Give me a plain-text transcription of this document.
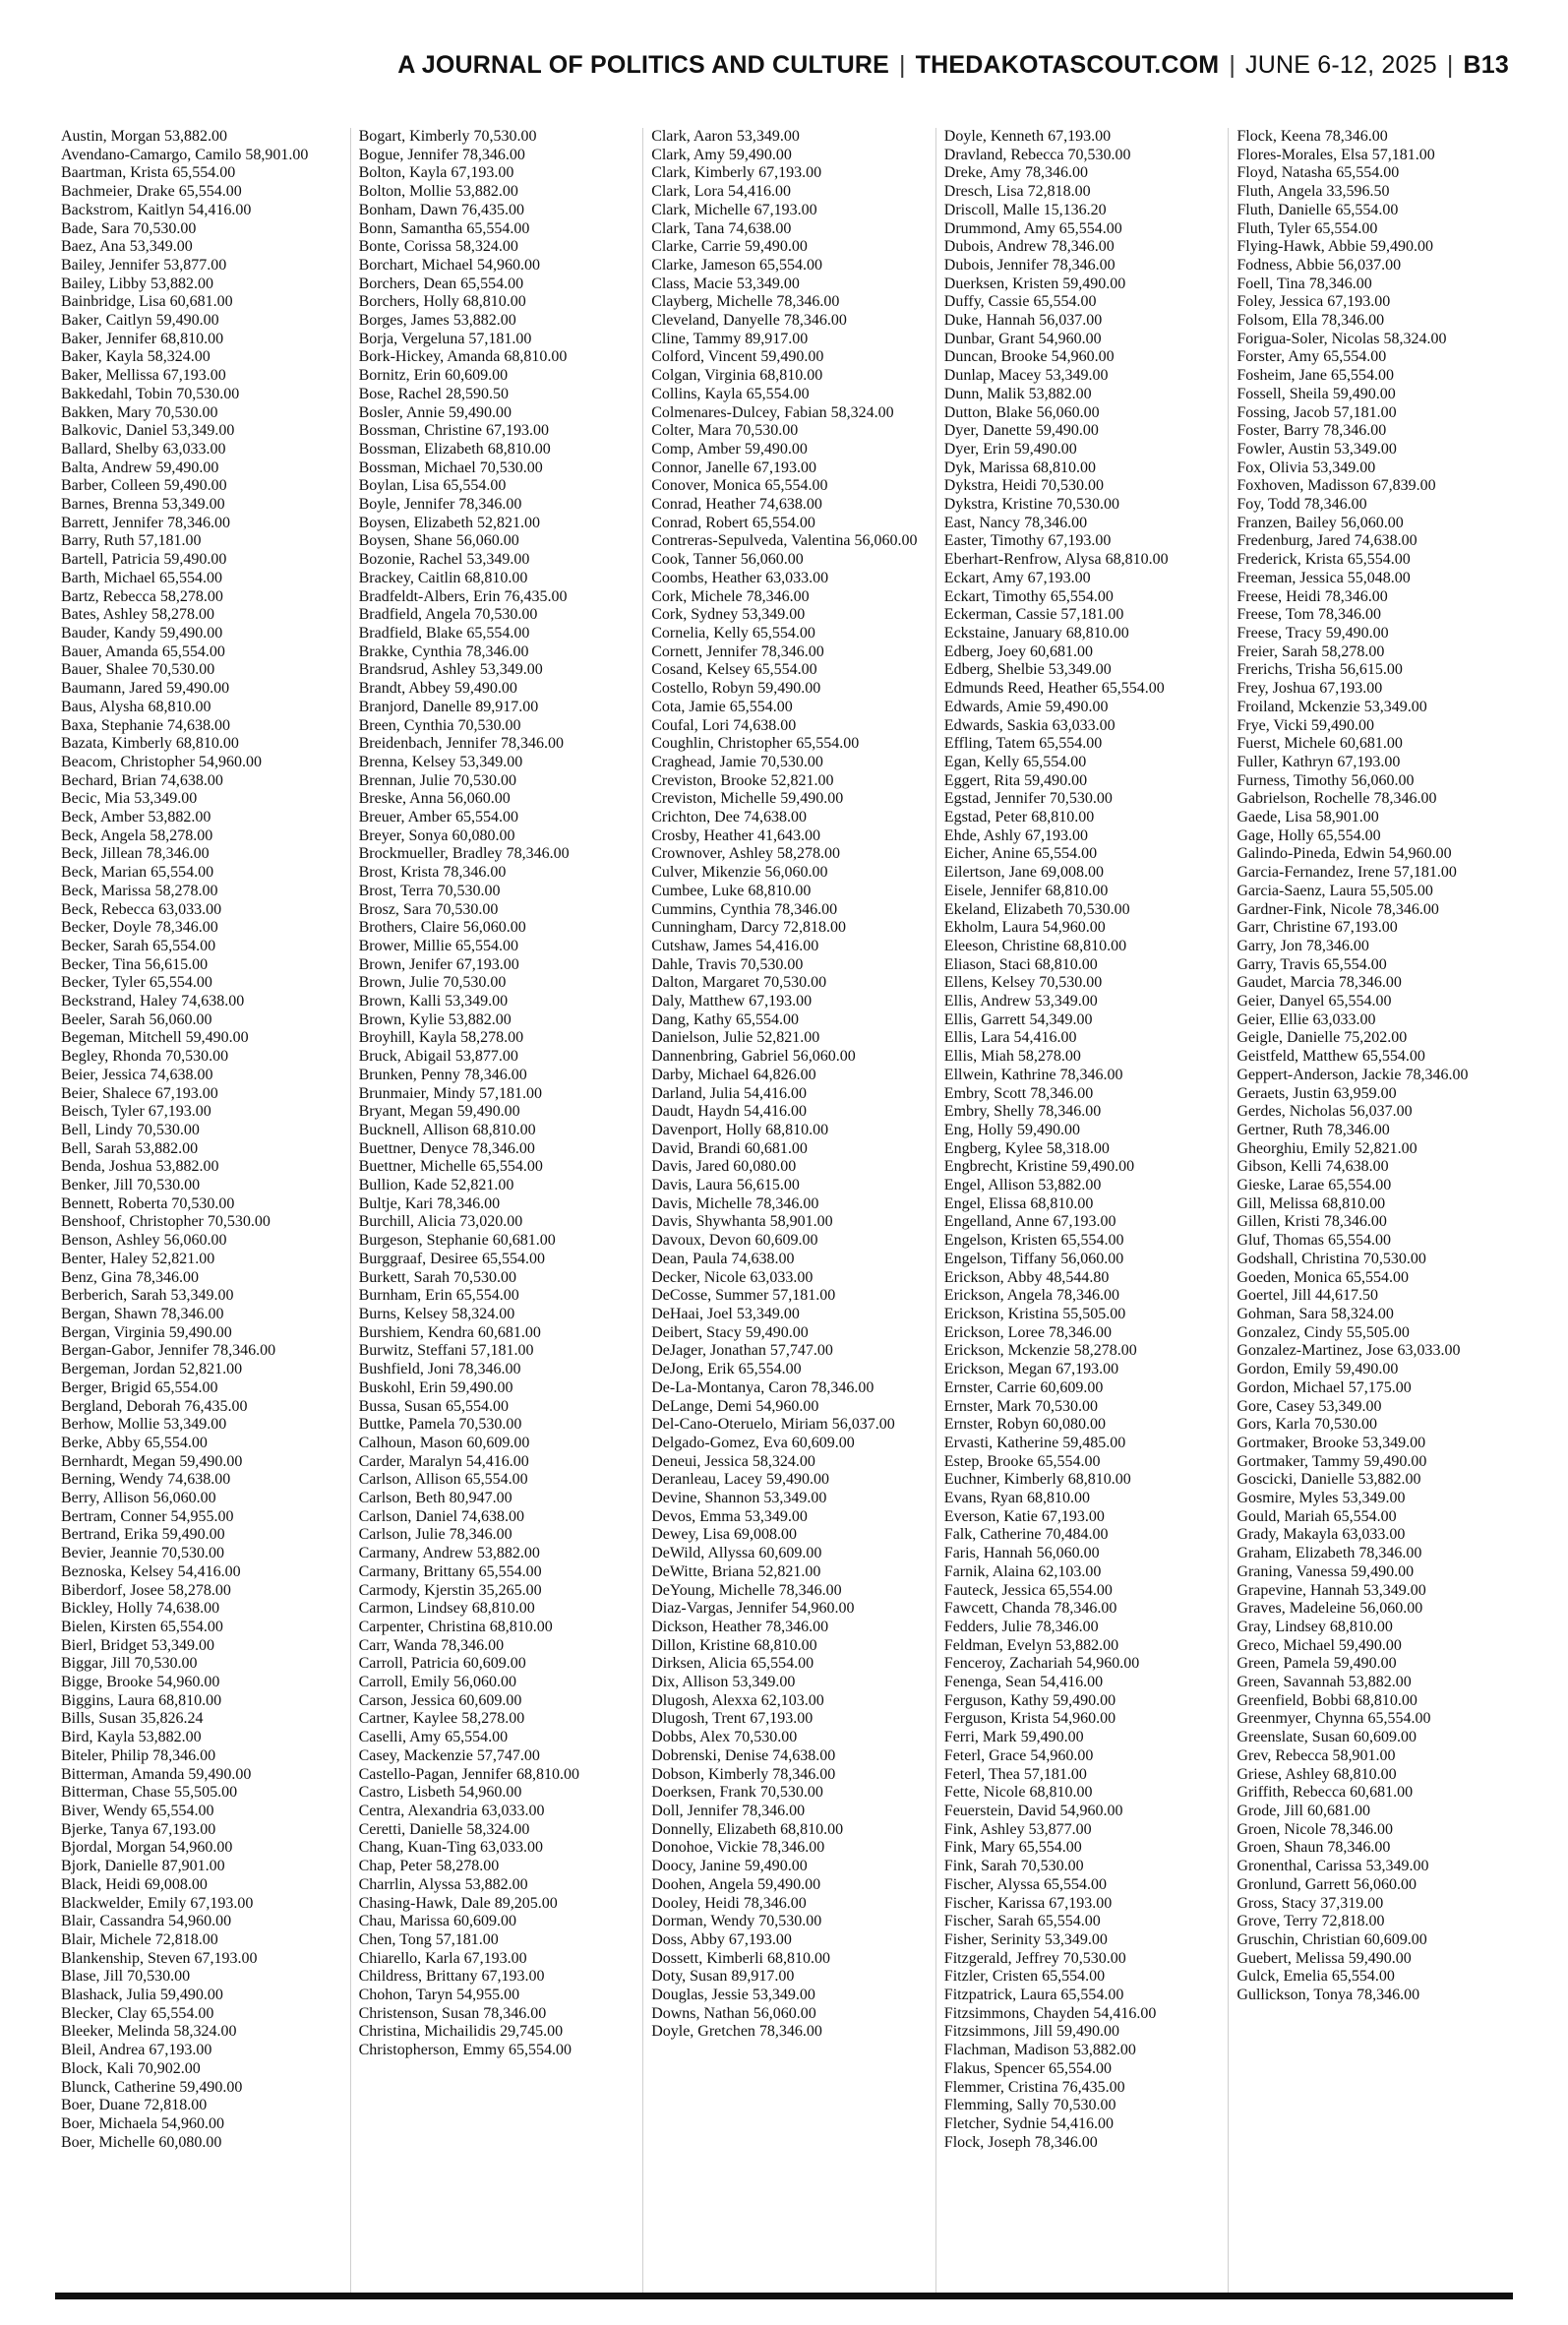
A JOURNAL OF POLITICS AND CULTURE | THEDAKOTASCOUT.COM | JUNE 6-12, 2025 | B13
Austin, Morgan 53,882.00
Avendano-Camargo, Camilo 58,901.00
Baartman, Krista 65,554.00
Bachmeier, Drake 65,554.00
Backstrom, Kaitlyn 54,416.00
Bade, Sara 70,530.00
Baez, Ana 53,349.00
Bailey, Jennifer 53,877.00
Bailey, Libby 53,882.00
Bainbridge, Lisa 60,681.00
Baker, Caitlyn 59,490.00
Baker, Jennifer 68,810.00
Baker, Kayla 58,324.00
Baker, Mellissa 67,193.00
Bakkedahl, Tobin 70,530.00
Bakken, Mary 70,530.00
Balkovic, Daniel 53,349.00
Ballard, Shelby 63,033.00
Balta, Andrew 59,490.00
Barber, Colleen 59,490.00
Barnes, Brenna 53,349.00
Barrett, Jennifer 78,346.00
Barry, Ruth 57,181.00
Bartell, Patricia 59,490.00
Barth, Michael 65,554.00
Bartz, Rebecca 58,278.00
Bates, Ashley 58,278.00
Bauder, Kandy 59,490.00
Bauer, Amanda 65,554.00
Bauer, Shalee 70,530.00
Baumann, Jared 59,490.00
Baus, Alysha 68,810.00
Baxa, Stephanie 74,638.00
Bazata, Kimberly 68,810.00
Beacom, Christopher 54,960.00
Bechard, Brian 74,638.00
Becic, Mia 53,349.00
Beck, Amber 53,882.00
Beck, Angela 58,278.00
Beck, Jillean 78,346.00
Beck, Marian 65,554.00
Beck, Marissa 58,278.00
Beck, Rebecca 63,033.00
Becker, Doyle 78,346.00
Becker, Sarah 65,554.00
Becker, Tina 56,615.00
Becker, Tyler 65,554.00
Beckstrand, Haley 74,638.00
Beeler, Sarah 56,060.00
Begeman, Mitchell 59,490.00
Begley, Rhonda 70,530.00
Beier, Jessica 74,638.00
Beier, Shalece 67,193.00
Beisch, Tyler 67,193.00
Bell, Lindy 70,530.00
Bell, Sarah 53,882.00
Benda, Joshua 53,882.00
Benker, Jill 70,530.00
Bennett, Roberta 70,530.00
Benshoof, Christopher 70,530.00
Benson, Ashley 56,060.00
Benter, Haley 52,821.00
Benz, Gina 78,346.00
Berberich, Sarah 53,349.00
Bergan, Shawn 78,346.00
Bergan, Virginia 59,490.00
Bergan-Gabor, Jennifer 78,346.00
Bergeman, Jordan 52,821.00
Berger, Brigid 65,554.00
Bergland, Deborah 76,435.00
Berhow, Mollie 53,349.00
Berke, Abby 65,554.00
Bernhardt, Megan 59,490.00
Berning, Wendy 74,638.00
Berry, Allison 56,060.00
Bertram, Conner 54,955.00
Bertrand, Erika 59,490.00
Bevier, Jeannie 70,530.00
Beznoska, Kelsey 54,416.00
Biberdorf, Josee 58,278.00
Bickley, Holly 74,638.00
Bielen, Kirsten 65,554.00
Bierl, Bridget 53,349.00
Biggar, Jill 70,530.00
Bigge, Brooke 54,960.00
Biggins, Laura 68,810.00
Bills, Susan 35,826.24
Bird, Kayla 53,882.00
Biteler, Philip 78,346.00
Bitterman, Amanda 59,490.00
Bitterman, Chase 55,505.00
Biver, Wendy 65,554.00
Bjerke, Tanya 67,193.00
Bjordal, Morgan 54,960.00
Bjork, Danielle 87,901.00
Black, Heidi 69,008.00
Blackwelder, Emily 67,193.00
Blair, Cassandra 54,960.00
Blair, Michele 72,818.00
Blankenship, Steven 67,193.00
Blase, Jill 70,530.00
Blashack, Julia 59,490.00
Blecker, Clay 65,554.00
Bleeker, Melinda 58,324.00
Bleil, Andrea 67,193.00
Block, Kali 70,902.00
Blunck, Catherine 59,490.00
Boer, Duane 72,818.00
Boer, Michaela 54,960.00
Boer, Michelle 60,080.00
Bogart, Kimberly 70,530.00
Bogue, Jennifer 78,346.00
Bolton, Kayla 67,193.00
Bolton, Mollie 53,882.00
Bonham, Dawn 76,435.00
Bonn, Samantha 65,554.00
Bonte, Corissa 58,324.00
Borchart, Michael 54,960.00
Borchers, Dean 65,554.00
Borchers, Holly 68,810.00
Borges, James 53,882.00
Borja, Vergeluna 57,181.00
Bork-Hickey, Amanda 68,810.00
Bornitz, Erin 60,609.00
Bose, Rachel 28,590.50
Bosler, Annie 59,490.00
Bossman, Christine 67,193.00
Bossman, Elizabeth 68,810.00
Bossman, Michael 70,530.00
Boylan, Lisa 65,554.00
Boyle, Jennifer 78,346.00
Boysen, Elizabeth 52,821.00
Boysen, Shane 56,060.00
Bozonie, Rachel 53,349.00
Brackey, Caitlin 68,810.00
Bradfeldt-Albers, Erin 76,435.00
Bradfield, Angela 70,530.00
Bradfield, Blake 65,554.00
Brakke, Cynthia 78,346.00
Brandsrud, Ashley 53,349.00
Brandt, Abbey 59,490.00
Branjord, Danelle 89,917.00
Breen, Cynthia 70,530.00
Breidenbach, Jennifer 78,346.00
Brenna, Kelsey 53,349.00
Brennan, Julie 70,530.00
Breske, Anna 56,060.00
Breuer, Amber 65,554.00
Breyer, Sonya 60,080.00
Brockmueller, Bradley 78,346.00
Brost, Krista 78,346.00
Brost, Terra 70,530.00
Brosz, Sara 70,530.00
Brothers, Claire 56,060.00
Brower, Millie 65,554.00
Brown, Jenifer 67,193.00
Brown, Julie 70,530.00
Brown, Kalli 53,349.00
Brown, Kylie 53,882.00
Broyhill, Kayla 58,278.00
Bruck, Abigail 53,877.00
Brunken, Penny 78,346.00
Brunmaier, Mindy 57,181.00
Bryant, Megan 59,490.00
Bucknell, Allison 68,810.00
Buettner, Denyce 78,346.00
Buettner, Michelle 65,554.00
Bullion, Kade 52,821.00
Bultje, Kari 78,346.00
Burchill, Alicia 73,020.00
Burgeson, Stephanie 60,681.00
Burggraaf, Desiree 65,554.00
Burkett, Sarah 70,530.00
Burnham, Erin 65,554.00
Burns, Kelsey 58,324.00
Burshiem, Kendra 60,681.00
Burwitz, Steffani 57,181.00
Bushfield, Joni 78,346.00
Buskohl, Erin 59,490.00
Bussa, Susan 65,554.00
Buttke, Pamela 70,530.00
Calhoun, Mason 60,609.00
Carder, Maralyn 54,416.00
Carlson, Allison 65,554.00
Carlson, Beth 80,947.00
Carlson, Daniel 74,638.00
Carlson, Julie 78,346.00
Carmany, Andrew 53,882.00
Carmany, Brittany 65,554.00
Carmody, Kjerstin 35,265.00
Carmon, Lindsey 68,810.00
Carpenter, Christina 68,810.00
Carr, Wanda 78,346.00
Carroll, Patricia 60,609.00
Carroll, Emily 56,060.00
Carson, Jessica 60,609.00
Cartner, Kaylee 58,278.00
Caselli, Amy 65,554.00
Casey, Mackenzie 57,747.00
Castello-Pagan, Jennifer 68,810.00
Castro, Lisbeth 54,960.00
Centra, Alexandria 63,033.00
Ceretti, Danielle 58,324.00
Chang, Kuan-Ting 63,033.00
Chap, Peter 58,278.00
Charrlin, Alyssa 53,882.00
Chasing-Hawk, Dale 89,205.00
Chau, Marissa 60,609.00
Chen, Tong 57,181.00
Chiarello, Karla 67,193.00
Childress, Brittany 67,193.00
Chohon, Taryn 54,955.00
Christenson, Susan 78,346.00
Christina, Michailidis 29,745.00
Christopherson, Emmy 65,554.00
Clark, Aaron 53,349.00
Clark, Amy 59,490.00
Clark, Kimberly 67,193.00
Clark, Lora 54,416.00
Clark, Michelle 67,193.00
Clark, Tana 74,638.00
Clarke, Carrie 59,490.00
Clarke, Jameson 65,554.00
Class, Macie 53,349.00
Clayberg, Michelle 78,346.00
Cleveland, Danyelle 78,346.00
Cline, Tammy 89,917.00
Colford, Vincent 59,490.00
Colgan, Virginia 68,810.00
Collins, Kayla 65,554.00
Colmenares-Dulcey, Fabian 58,324.00
Colter, Mara 70,530.00
Comp, Amber 59,490.00
Connor, Janelle 67,193.00
Conover, Monica 65,554.00
Conrad, Heather 74,638.00
Conrad, Robert 65,554.00
Contreras-Sepulveda, Valentina 56,060.00
Cook, Tanner 56,060.00
Coombs, Heather 63,033.00
Cork, Michele 78,346.00
Cork, Sydney 53,349.00
Cornelia, Kelly 65,554.00
Cornett, Jennifer 78,346.00
Cosand, Kelsey 65,554.00
Costello, Robyn 59,490.00
Cota, Jamie 65,554.00
Coufal, Lori 74,638.00
Coughlin, Christopher 65,554.00
Craghead, Jamie 70,530.00
Creviston, Brooke 52,821.00
Creviston, Michelle 59,490.00
Crichton, Dee 74,638.00
Crosby, Heather 41,643.00
Crownover, Ashley 58,278.00
Culver, Mikenzie 56,060.00
Cumbee, Luke 68,810.00
Cummins, Cynthia 78,346.00
Cunningham, Darcy 72,818.00
Cutshaw, James 54,416.00
Dahle, Travis 70,530.00
Dalton, Margaret 70,530.00
Daly, Matthew 67,193.00
Dang, Kathy 65,554.00
Danielson, Julie 52,821.00
Dannenbring, Gabriel 56,060.00
Darby, Michael 64,826.00
Darland, Julia 54,416.00
Daudt, Haydn 54,416.00
Davenport, Holly 68,810.00
David, Brandi 60,681.00
Davis, Jared 60,080.00
Davis, Laura 56,615.00
Davis, Michelle 78,346.00
Davis, Shywhanta 58,901.00
Davoux, Devon 60,609.00
Dean, Paula 74,638.00
Decker, Nicole 63,033.00
DeCosse, Summer 57,181.00
DeHaai, Joel 53,349.00
Deibert, Stacy 59,490.00
DeJager, Jonathan 57,747.00
DeJong, Erik 65,554.00
De-La-Montanya, Caron 78,346.00
DeLange, Demi 54,960.00
Del-Cano-Oteruelo, Miriam 56,037.00
Delgado-Gomez, Eva 60,609.00
Deneui, Jessica 58,324.00
Deranleau, Lacey 59,490.00
Devine, Shannon 53,349.00
Devos, Emma 53,349.00
Dewey, Lisa 69,008.00
DeWild, Allyssa 60,609.00
DeWitte, Briana 52,821.00
DeYoung, Michelle 78,346.00
Diaz-Vargas, Jennifer 54,960.00
Dickson, Heather 78,346.00
Dillon, Kristine 68,810.00
Dirksen, Alicia 65,554.00
Dix, Allison 53,349.00
Dlugosh, Alexxa 62,103.00
Dlugosh, Trent 67,193.00
Dobbs, Alex 70,530.00
Dobrenski, Denise 74,638.00
Dobson, Kimberly 78,346.00
Doerksen, Frank 70,530.00
Doll, Jennifer 78,346.00
Donnelly, Elizabeth 68,810.00
Donohoe, Vickie 78,346.00
Doocy, Janine 59,490.00
Doohen, Angela 59,490.00
Dooley, Heidi 78,346.00
Dorman, Wendy 70,530.00
Doss, Abby 67,193.00
Dossett, Kimberli 68,810.00
Doty, Susan 89,917.00
Douglas, Jessie 53,349.00
Downs, Nathan 56,060.00
Doyle, Gretchen 78,346.00
Doyle, Kenneth 67,193.00
Dravland, Rebecca 70,530.00
Dreke, Amy 78,346.00
Dresch, Lisa 72,818.00
Driscoll, Malle 15,136.20
Drummond, Amy 65,554.00
Dubois, Andrew 78,346.00
Dubois, Jennifer 78,346.00
Duerksen, Kristen 59,490.00
Duffy, Cassie 65,554.00
Duke, Hannah 56,037.00
Dunbar, Grant 54,960.00
Duncan, Brooke 54,960.00
Dunlap, Macey 53,349.00
Dunn, Malik 53,882.00
Dutton, Blake 56,060.00
Dyer, Danette 59,490.00
Dyer, Erin 59,490.00
Dyk, Marissa 68,810.00
Dykstra, Heidi 70,530.00
Dykstra, Kristine 70,530.00
East, Nancy 78,346.00
Easter, Timothy 67,193.00
Eberhart-Renfrow, Alysa 68,810.00
Eckart, Amy 67,193.00
Eckart, Timothy 65,554.00
Eckerman, Cassie 57,181.00
Eckstaine, January 68,810.00
Edberg, Joey 60,681.00
Edberg, Shelbie 53,349.00
Edmunds Reed, Heather 65,554.00
Edwards, Amie 59,490.00
Edwards, Saskia 63,033.00
Effling, Tatem 65,554.00
Egan, Kelly 65,554.00
Eggert, Rita 59,490.00
Egstad, Jennifer 70,530.00
Egstad, Peter 68,810.00
Ehde, Ashly 67,193.00
Eicher, Anine 65,554.00
Eilertson, Jane 69,008.00
Eisele, Jennifer 68,810.00
Ekeland, Elizabeth 70,530.00
Ekholm, Laura 54,960.00
Eleeson, Christine 68,810.00
Eliason, Staci 68,810.00
Ellens, Kelsey 70,530.00
Ellis, Andrew 53,349.00
Ellis, Garrett 54,349.00
Ellis, Lara 54,416.00
Ellis, Miah 58,278.00
Ellwein, Kathrine 78,346.00
Embry, Scott 78,346.00
Embry, Shelly 78,346.00
Eng, Holly 59,490.00
Engberg, Kylee 58,318.00
Engbrecht, Kristine 59,490.00
Engel, Allison 53,882.00
Engel, Elissa 68,810.00
Engelland, Anne 67,193.00
Engelson, Kristen 65,554.00
Engelson, Tiffany 56,060.00
Erickson, Abby 48,544.80
Erickson, Angela 78,346.00
Erickson, Kristina 55,505.00
Erickson, Loree 78,346.00
Erickson, Mckenzie 58,278.00
Erickson, Megan 67,193.00
Ernster, Carrie 60,609.00
Ernster, Mark 70,530.00
Ernster, Robyn 60,080.00
Ervasti, Katherine 59,485.00
Estep, Brooke 65,554.00
Euchner, Kimberly 68,810.00
Evans, Ryan 68,810.00
Everson, Katie 67,193.00
Falk, Catherine 70,484.00
Faris, Hannah 56,060.00
Farnik, Alaina 62,103.00
Fauteck, Jessica 65,554.00
Fawcett, Chanda 78,346.00
Fedders, Julie 78,346.00
Feldman, Evelyn 53,882.00
Fenceroy, Zachariah 54,960.00
Fenenga, Sean 54,416.00
Ferguson, Kathy 59,490.00
Ferguson, Krista 54,960.00
Ferri, Mark 59,490.00
Feterl, Grace 54,960.00
Feterl, Thea 57,181.00
Fette, Nicole 68,810.00
Feuerstein, David 54,960.00
Fink, Ashley 53,877.00
Fink, Mary 65,554.00
Fink, Sarah 70,530.00
Fischer, Alyssa 65,554.00
Fischer, Karissa 67,193.00
Fischer, Sarah 65,554.00
Fisher, Serinity 53,349.00
Fitzgerald, Jeffrey 70,530.00
Fitzler, Cristen 65,554.00
Fitzpatrick, Laura 65,554.00
Fitzsimmons, Chayden 54,416.00
Fitzsimmons, Jill 59,490.00
Flachman, Madison 53,882.00
Flakus, Spencer 65,554.00
Flemmer, Cristina 76,435.00
Flemming, Sally 70,530.00
Fletcher, Sydnie 54,416.00
Flock, Joseph 78,346.00
Flock, Keena 78,346.00
Flores-Morales, Elsa 57,181.00
Floyd, Natasha 65,554.00
Fluth, Angela 33,596.50
Fluth, Danielle 65,554.00
Fluth, Tyler 65,554.00
Flying-Hawk, Abbie 59,490.00
Fodness, Abbie 56,037.00
Foell, Tina 78,346.00
Foley, Jessica 67,193.00
Folsom, Ella 78,346.00
Forigua-Soler, Nicolas 58,324.00
Forster, Amy 65,554.00
Fosheim, Jane 65,554.00
Fossell, Sheila 59,490.00
Fossing, Jacob 57,181.00
Foster, Barry 78,346.00
Fowler, Austin 53,349.00
Fox, Olivia 53,349.00
Foxhoven, Madisson 67,839.00
Foy, Todd 78,346.00
Franzen, Bailey 56,060.00
Fredenburg, Jared 74,638.00
Frederick, Krista 65,554.00
Freeman, Jessica 55,048.00
Freese, Heidi 78,346.00
Freese, Tom 78,346.00
Freese, Tracy 59,490.00
Freier, Sarah 58,278.00
Frerichs, Trisha 56,615.00
Frey, Joshua 67,193.00
Froiland, Mckenzie 53,349.00
Frye, Vicki 59,490.00
Fuerst, Michele 60,681.00
Fuller, Kathryn 67,193.00
Furness, Timothy 56,060.00
Gabrielson, Rochelle 78,346.00
Gaede, Lisa 58,901.00
Gage, Holly 65,554.00
Galindo-Pineda, Edwin 54,960.00
Garcia-Fernandez, Irene 57,181.00
Garcia-Saenz, Laura 55,505.00
Gardner-Fink, Nicole 78,346.00
Garr, Christine 67,193.00
Garry, Jon 78,346.00
Garry, Travis 65,554.00
Gaudet, Marcia 78,346.00
Geier, Danyel 65,554.00
Geier, Ellie 63,033.00
Geigle, Danielle 75,202.00
Geistfeld, Matthew 65,554.00
Geppert-Anderson, Jackie 78,346.00
Geraets, Justin 63,959.00
Gerdes, Nicholas 56,037.00
Gertner, Ruth 78,346.00
Gheorghiu, Emily 52,821.00
Gibson, Kelli 74,638.00
Gieske, Larae 65,554.00
Gill, Melissa 68,810.00
Gillen, Kristi 78,346.00
Gluf, Thomas 65,554.00
Godshall, Christina 70,530.00
Goeden, Monica 65,554.00
Goertel, Jill 44,617.50
Gohman, Sara 58,324.00
Gonzalez, Cindy 55,505.00
Gonzalez-Martinez, Jose 63,033.00
Gordon, Emily 59,490.00
Gordon, Michael 57,175.00
Gore, Casey 53,349.00
Gors, Karla 70,530.00
Gortmaker, Brooke 53,349.00
Gortmaker, Tammy 59,490.00
Goscicki, Danielle 53,882.00
Gosmire, Myles 53,349.00
Gould, Mariah 65,554.00
Grady, Makayla 63,033.00
Graham, Elizabeth 78,346.00
Graning, Vanessa 59,490.00
Grapevine, Hannah 53,349.00
Graves, Madeleine 56,060.00
Gray, Lindsey 68,810.00
Greco, Michael 59,490.00
Green, Pamela 59,490.00
Green, Savannah 53,882.00
Greenfield, Bobbi 68,810.00
Greenmyer, Chynna 65,554.00
Greenslate, Susan 60,609.00
Grev, Rebecca 58,901.00
Griese, Ashley 68,810.00
Griffith, Rebecca 60,681.00
Grode, Jill 60,681.00
Groen, Nicole 78,346.00
Groen, Shaun 78,346.00
Gronenthal, Carissa 53,349.00
Gronlund, Garrett 56,060.00
Gross, Stacy 37,319.00
Grove, Terry 72,818.00
Gruschin, Christian 60,609.00
Guebert, Melissa 59,490.00
Gulck, Emelia 65,554.00
Gullickson, Tonya 78,346.00
